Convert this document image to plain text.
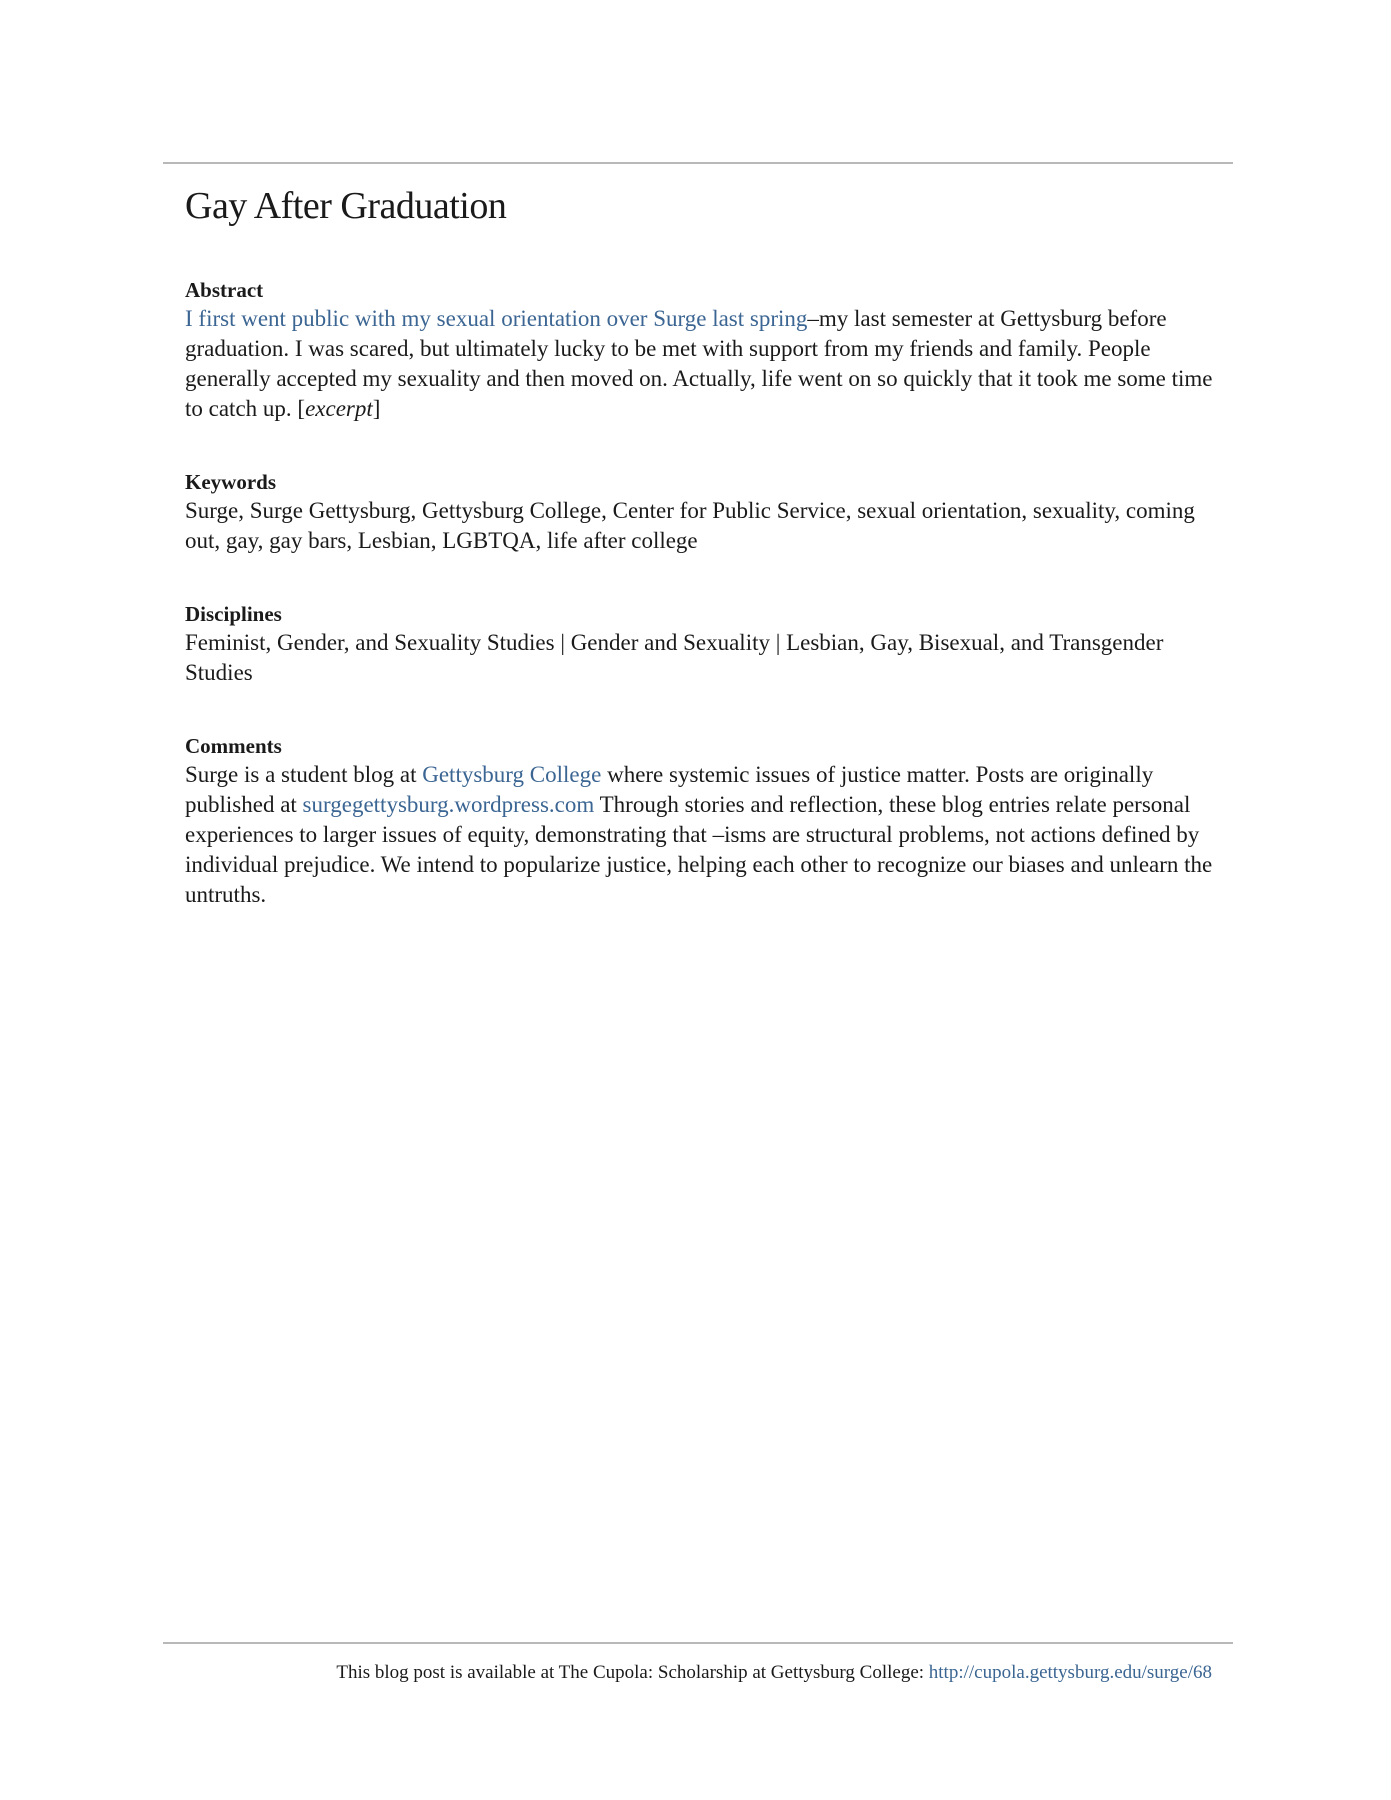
Gay After Graduation

Abstract

I first went public with my sexual orientation over Surge last spring–my last semester at Gettysburg before graduation. I was scared, but ultimately lucky to be met with support from my friends and family. People generally accepted my sexuality and then moved on. Actually, life went on so quickly that it took me some time to catch up. [excerpt]

Keywords

Surge, Surge Gettysburg, Gettysburg College, Center for Public Service, sexual orientation, sexuality, coming out, gay, gay bars, Lesbian, LGBTQA, life after college

Disciplines

Feminist, Gender, and Sexuality Studies | Gender and Sexuality | Lesbian, Gay, Bisexual, and Transgender Studies

Comments

Surge is a student blog at Gettysburg College where systemic issues of justice matter. Posts are originally published at surgegettysburg.wordpress.com Through stories and reflection, these blog entries relate personal experiences to larger issues of equity, demonstrating that –isms are structural problems, not actions defined by individual prejudice. We intend to popularize justice, helping each other to recognize our biases and unlearn the untruths.

This blog post is available at The Cupola: Scholarship at Gettysburg College: http://cupola.gettysburg.edu/surge/68
